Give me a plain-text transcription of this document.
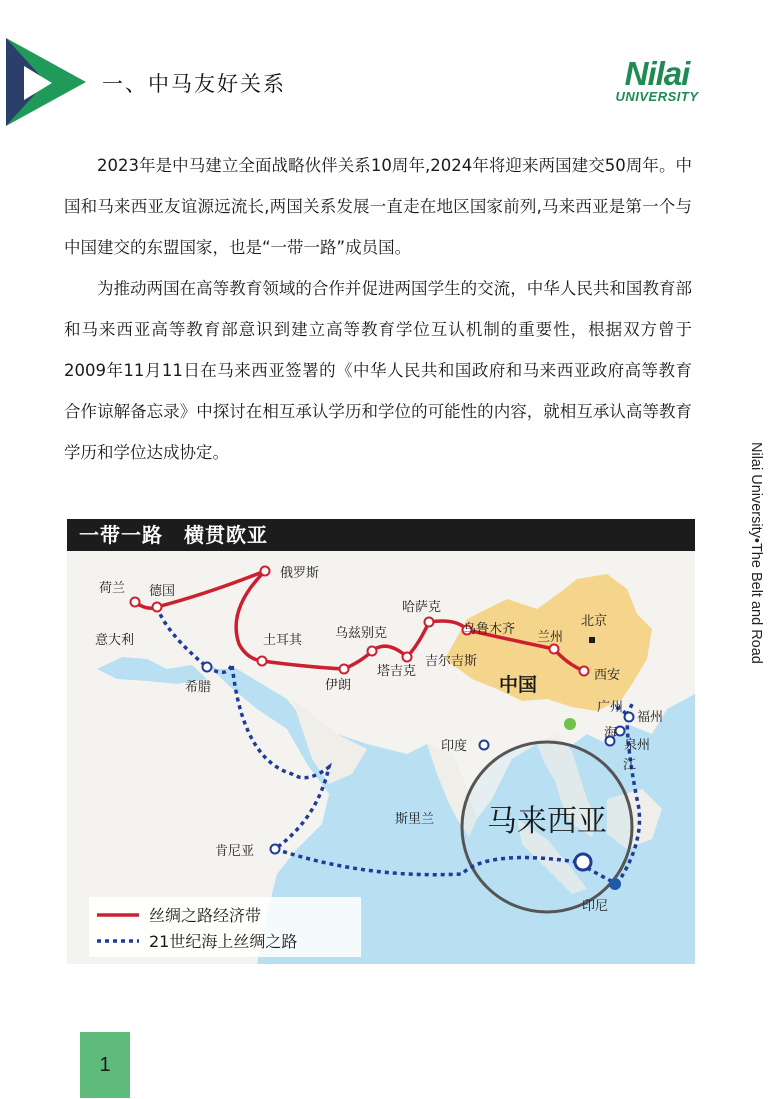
一、中马友好关系	Nilai
UNIVERSITY

2023年是中马建立全面战略伙伴关系10周年,2024年将迎来两国建交50周年。中国和马来西亚友谊源远流长,两国关系发展一直走在地区国家前列,马来西亚是第一个与中国建交的东盟国家，也是“一带一路”成员国。

为推动两国在高等教育领域的合作并促进两国学生的交流，中华人民共和国教育部和马来西亚高等教育部意识到建立高等教育学位互认机制的重要性，根据双方曾于2009年11月11日在马来西亚签署的《中华人民共和国政府和马来西亚政府高等教育合作谅解备忘录》中探讨在相互承认学历和学位的可能性的内容，就相互承认高等教育学历和学位达成协定。	Nilai University•The Belt and Road
荷兰 德国
俄罗斯
意大利	土耳其
希腊
乌兹别克
哈萨克
乌鲁木齐
兰州
北京
吉尔吉斯
塔吉克
伊朗
西安
广州
海
福州
泉州
江
印度
斯里兰
肯尼亚
印尼
中国
马来西亚
丝绸之路经济带
21世纪海上丝绸之路
一带一路　横贯欧亚
1
